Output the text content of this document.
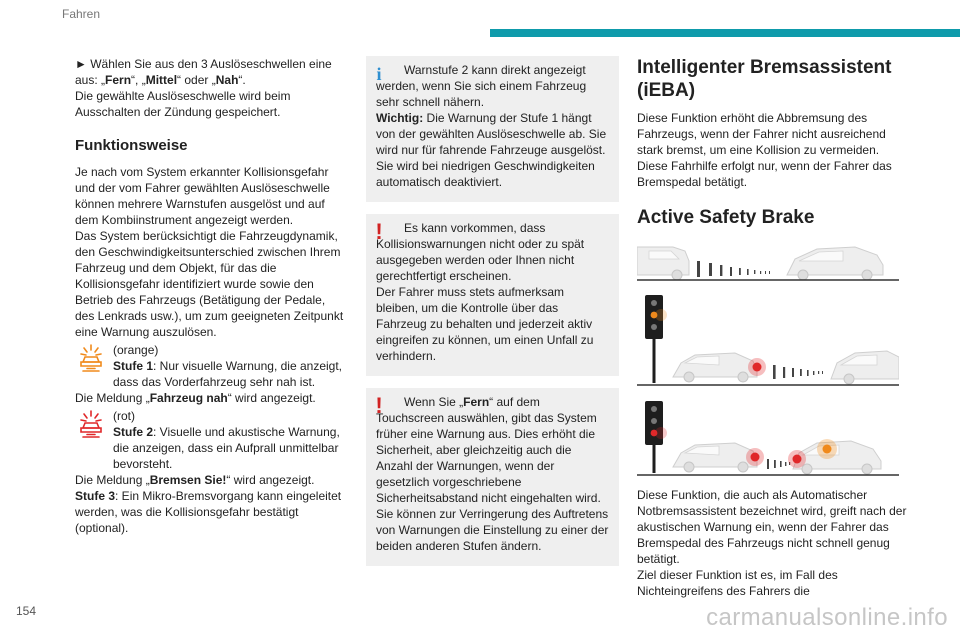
Fahren

► Wählen Sie aus den 3 Auslöseschwellen eine aus: „Fern“, „Mittel“ oder „Nah“.

Die gewählte Auslöseschwelle wird beim Ausschalten der Zündung gespeichert.

Funktionsweise

Je nach vom System erkannter Kollisionsgefahr und der vom Fahrer gewählten Auslöseschwelle können mehrere Warnstufen ausgelöst und auf dem Kombiinstrument angezeigt werden.

Das System berücksichtigt die Fahrzeugdynamik, den Geschwindigkeitsunterschied zwischen Ihrem Fahrzeug und dem Objekt, für das die Kollisionsgefahr identifiziert wurde sowie den Betrieb des Fahrzeugs (Betätigung der Pedale, des Lenkrads usw.), um zum geeigneten Zeitpunkt eine Warnung auszulösen.

(orange)
Stufe 1: Nur visuelle Warnung, die anzeigt, dass das Vorderfahrzeug sehr nah ist.

Die Meldung „Fahrzeug nah“ wird angezeigt.

(rot)
Stufe 2: Visuelle und akustische Warnung, die anzeigen, dass ein Aufprall unmittelbar bevorsteht.

Die Meldung „Bremsen Sie!“ wird angezeigt.

Stufe 3: Ein Mikro-Bremsvorgang kann eingeleitet werden, was die Kollisionsgefahr bestätigt (optional).

i	Warnstufe 2 kann direkt angezeigt werden, wenn Sie sich einem Fahrzeug sehr schnell nähern.

Wichtig: Die Warnung der Stufe 1 hängt von der gewählten Auslöseschwelle ab. Sie wird nur für fahrende Fahrzeuge ausgelöst. Sie wird bei niedrigen Geschwindigkeiten automatisch deaktiviert.

!	Es kann vorkommen, dass Kollisionswarnungen nicht oder zu spät ausgegeben werden oder Ihnen nicht gerechtfertigt erscheinen.

Der Fahrer muss stets aufmerksam bleiben, um die Kontrolle über das Fahrzeug zu behalten und jederzeit aktiv eingreifen zu können, um einen Unfall zu verhindern.

!	Wenn Sie „Fern“ auf dem Touchscreen auswählen, gibt das System früher eine Warnung aus. Dies erhöht die Sicherheit, aber gleichzeitig auch die Anzahl der Warnungen, wenn der gesetzlich vorgeschriebene Sicherheitsabstand nicht eingehalten wird.

Sie können zur Verringerung des Auftretens von Warnungen die Einstellung zu einer der beiden anderen Stufen ändern.

Intelligenter Bremsassistent (iEBA)

Diese Funktion erhöht die Abbremsung des Fahrzeugs, wenn der Fahrer nicht ausreichend stark bremst, um eine Kollision zu vermeiden.

Diese Fahrhilfe erfolgt nur, wenn der Fahrer das Bremspedal betätigt.

Active Safety Brake

Diese Funktion, die auch als Automatischer Notbremsassistent bezeichnet wird, greift nach der akustischen Warnung ein, wenn der Fahrer das Bremspedal des Fahrzeugs nicht schnell genug betätigt.

Ziel dieser Funktion ist es, im Fall des Nichteingreifens des Fahrers die

154	carmanualsonline.info
